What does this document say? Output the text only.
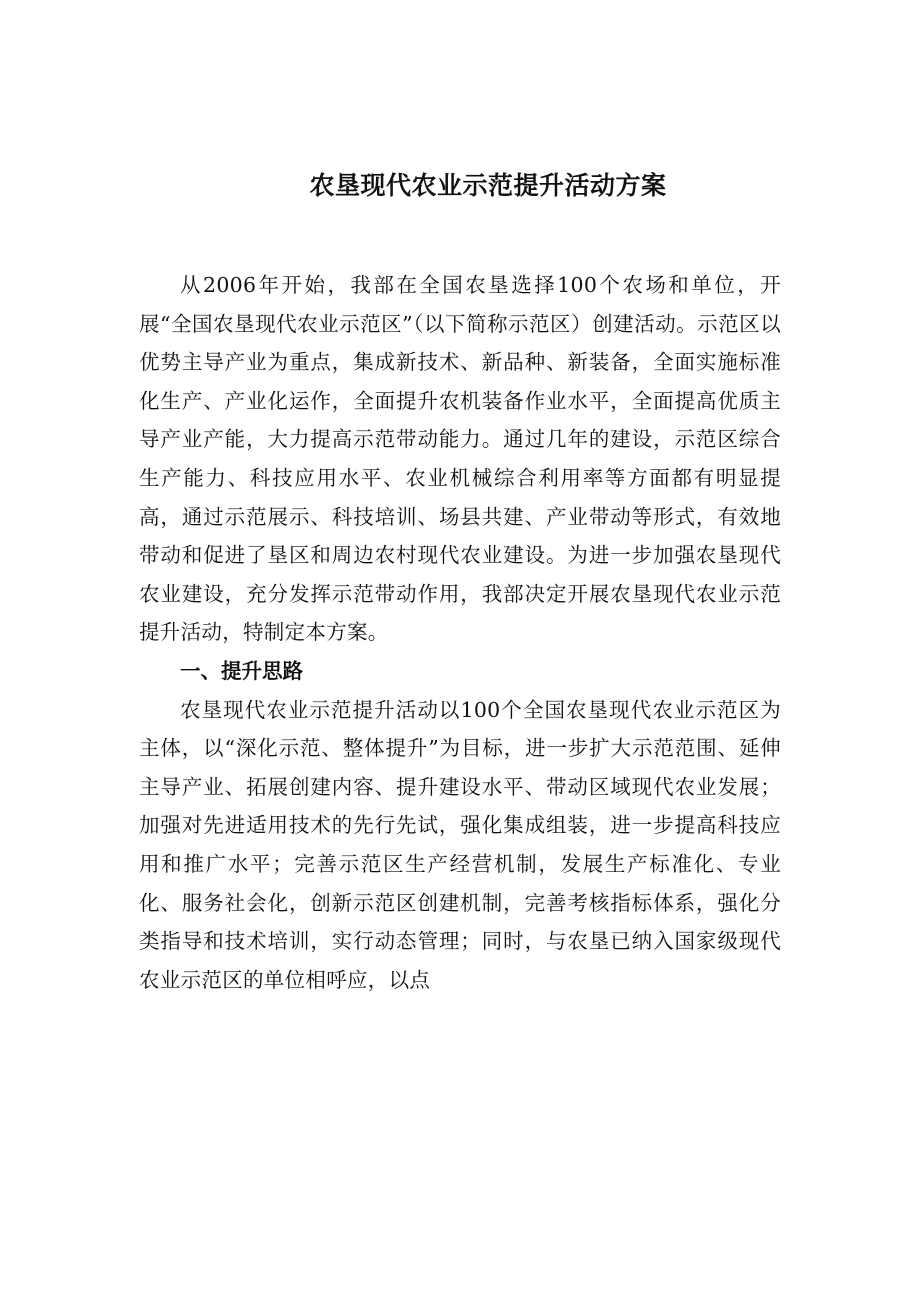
农垦现代农业示范提升活动方案

从2006年开始，我部在全国农垦选择100个农场和单位，开展“全国农垦现代农业示范区”（以下简称示范区）创建活动。示范区以优势主导产业为重点，集成新技术、新品种、新装备，全面实施标准化生产、产业化运作，全面提升农机装备作业水平，全面提高优质主导产业产能，大力提高示范带动能力。通过几年的建设，示范区综合生产能力、科技应用水平、农业机械综合利用率等方面都有明显提高，通过示范展示、科技培训、场县共建、产业带动等形式，有效地带动和促进了垦区和周边农村现代农业建设。为进一步加强农垦现代农业建设，充分发挥示范带动作用，我部决定开展农垦现代农业示范提升活动，特制定本方案。

一、提升思路

农垦现代农业示范提升活动以100个全国农垦现代农业示范区为主体，以“深化示范、整体提升”为目标，进一步扩大示范范围、延伸主导产业、拓展创建内容、提升建设水平、带动区域现代农业发展；加强对先进适用技术的先行先试，强化集成组装，进一步提高科技应用和推广水平；完善示范区生产经营机制，发展生产标准化、专业化、服务社会化，创新示范区创建机制，完善考核指标体系，强化分类指导和技术培训，实行动态管理；同时，与农垦已纳入国家级现代农业示范区的单位相呼应，以点
